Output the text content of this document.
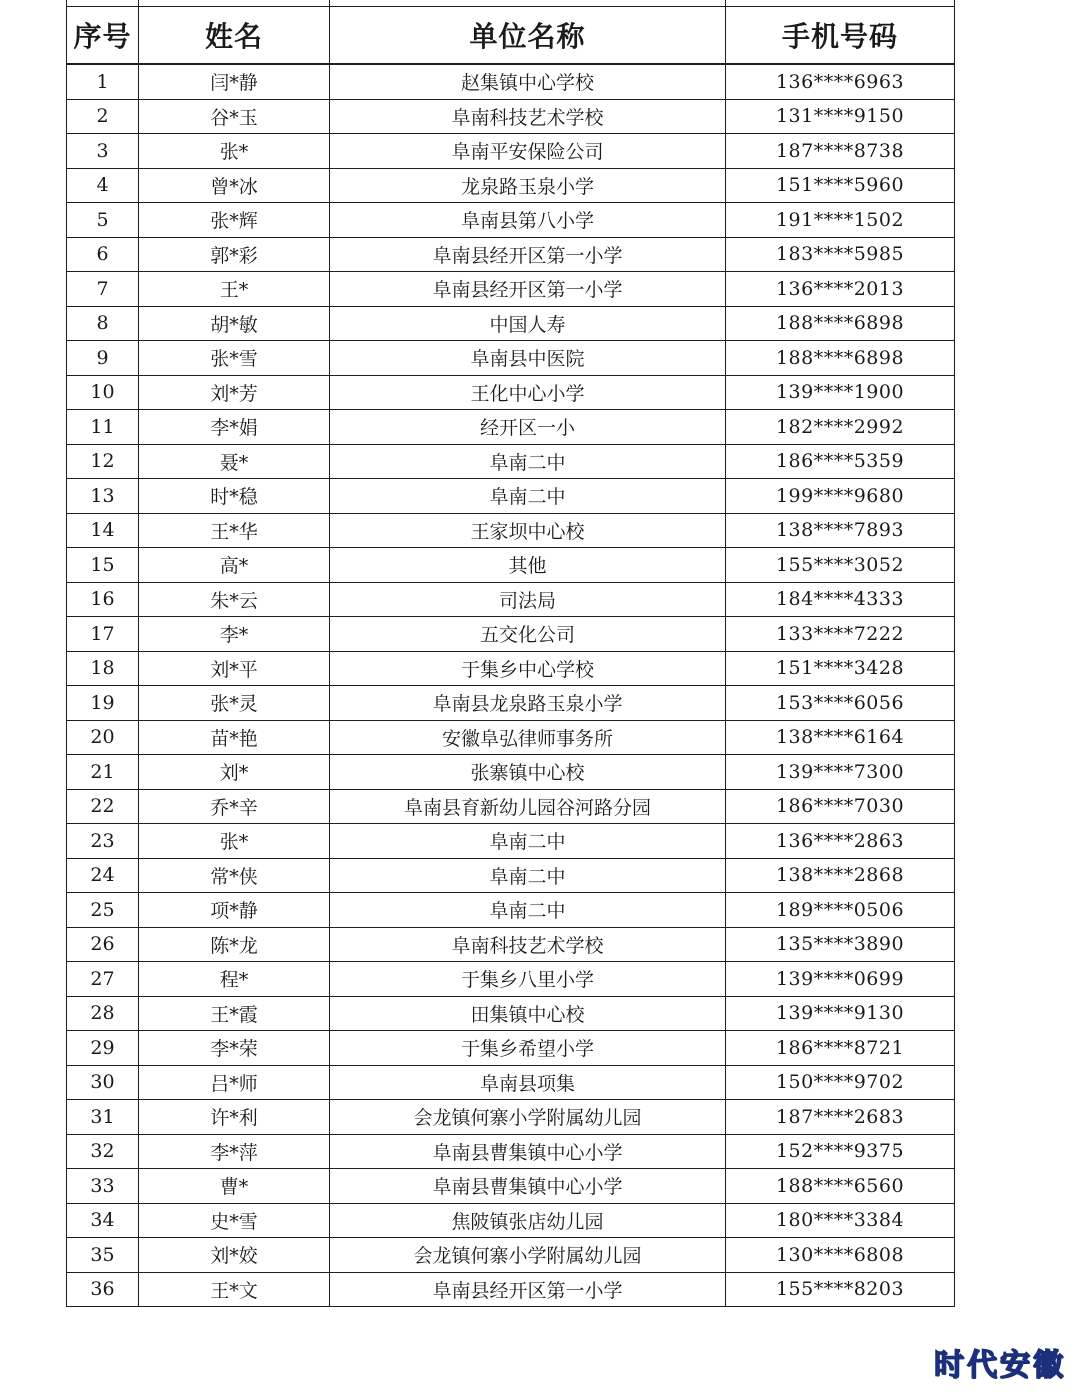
序号	姓名	单位名称	手机号码
1	闫*静	赵集镇中心学校	136****6963
2	谷*玉	阜南科技艺术学校	131****9150
3	张*	阜南平安保险公司	187****8738
4	曾*冰	龙泉路玉泉小学	151****5960
5	张*辉	阜南县第八小学	191****1502
6	郭*彩	阜南县经开区第一小学	183****5985
7	王*	阜南县经开区第一小学	136****2013
8	胡*敏	中国人寿	188****6898
9	张*雪	阜南县中医院	188****6898
10	刘*芳	王化中心小学	139****1900
11	李*娟	经开区一小	182****2992
12	聂*	阜南二中	186****5359
13	时*稳	阜南二中	199****9680
14	王*华	王家坝中心校	138****7893
15	高*	其他	155****3052
16	朱*云	司法局	184****4333
17	李*	五交化公司	133****7222
18	刘*平	于集乡中心学校	151****3428
19	张*灵	阜南县龙泉路玉泉小学	153****6056
20	苗*艳	安徽阜弘律师事务所	138****6164
21	刘*	张寨镇中心校	139****7300
22	乔*辛	阜南县育新幼儿园谷河路分园	186****7030
23	张*	阜南二中	136****2863
24	常*侠	阜南二中	138****2868
25	项*静	阜南二中	189****0506
26	陈*龙	阜南科技艺术学校	135****3890
27	程*	于集乡八里小学	139****0699
28	王*霞	田集镇中心校	139****9130
29	李*荣	于集乡希望小学	186****8721
30	吕*师	阜南县项集	150****9702
31	许*利	会龙镇何寨小学附属幼儿园	187****2683
32	李*萍	阜南县曹集镇中心小学	152****9375
33	曹*	阜南县曹集镇中心小学	188****6560
34	史*雪	焦陂镇张店幼儿园	180****3384
35	刘*姣	会龙镇何寨小学附属幼儿园	130****6808
36	王*文	阜南县经开区第一小学	155****8203
时代安徽
